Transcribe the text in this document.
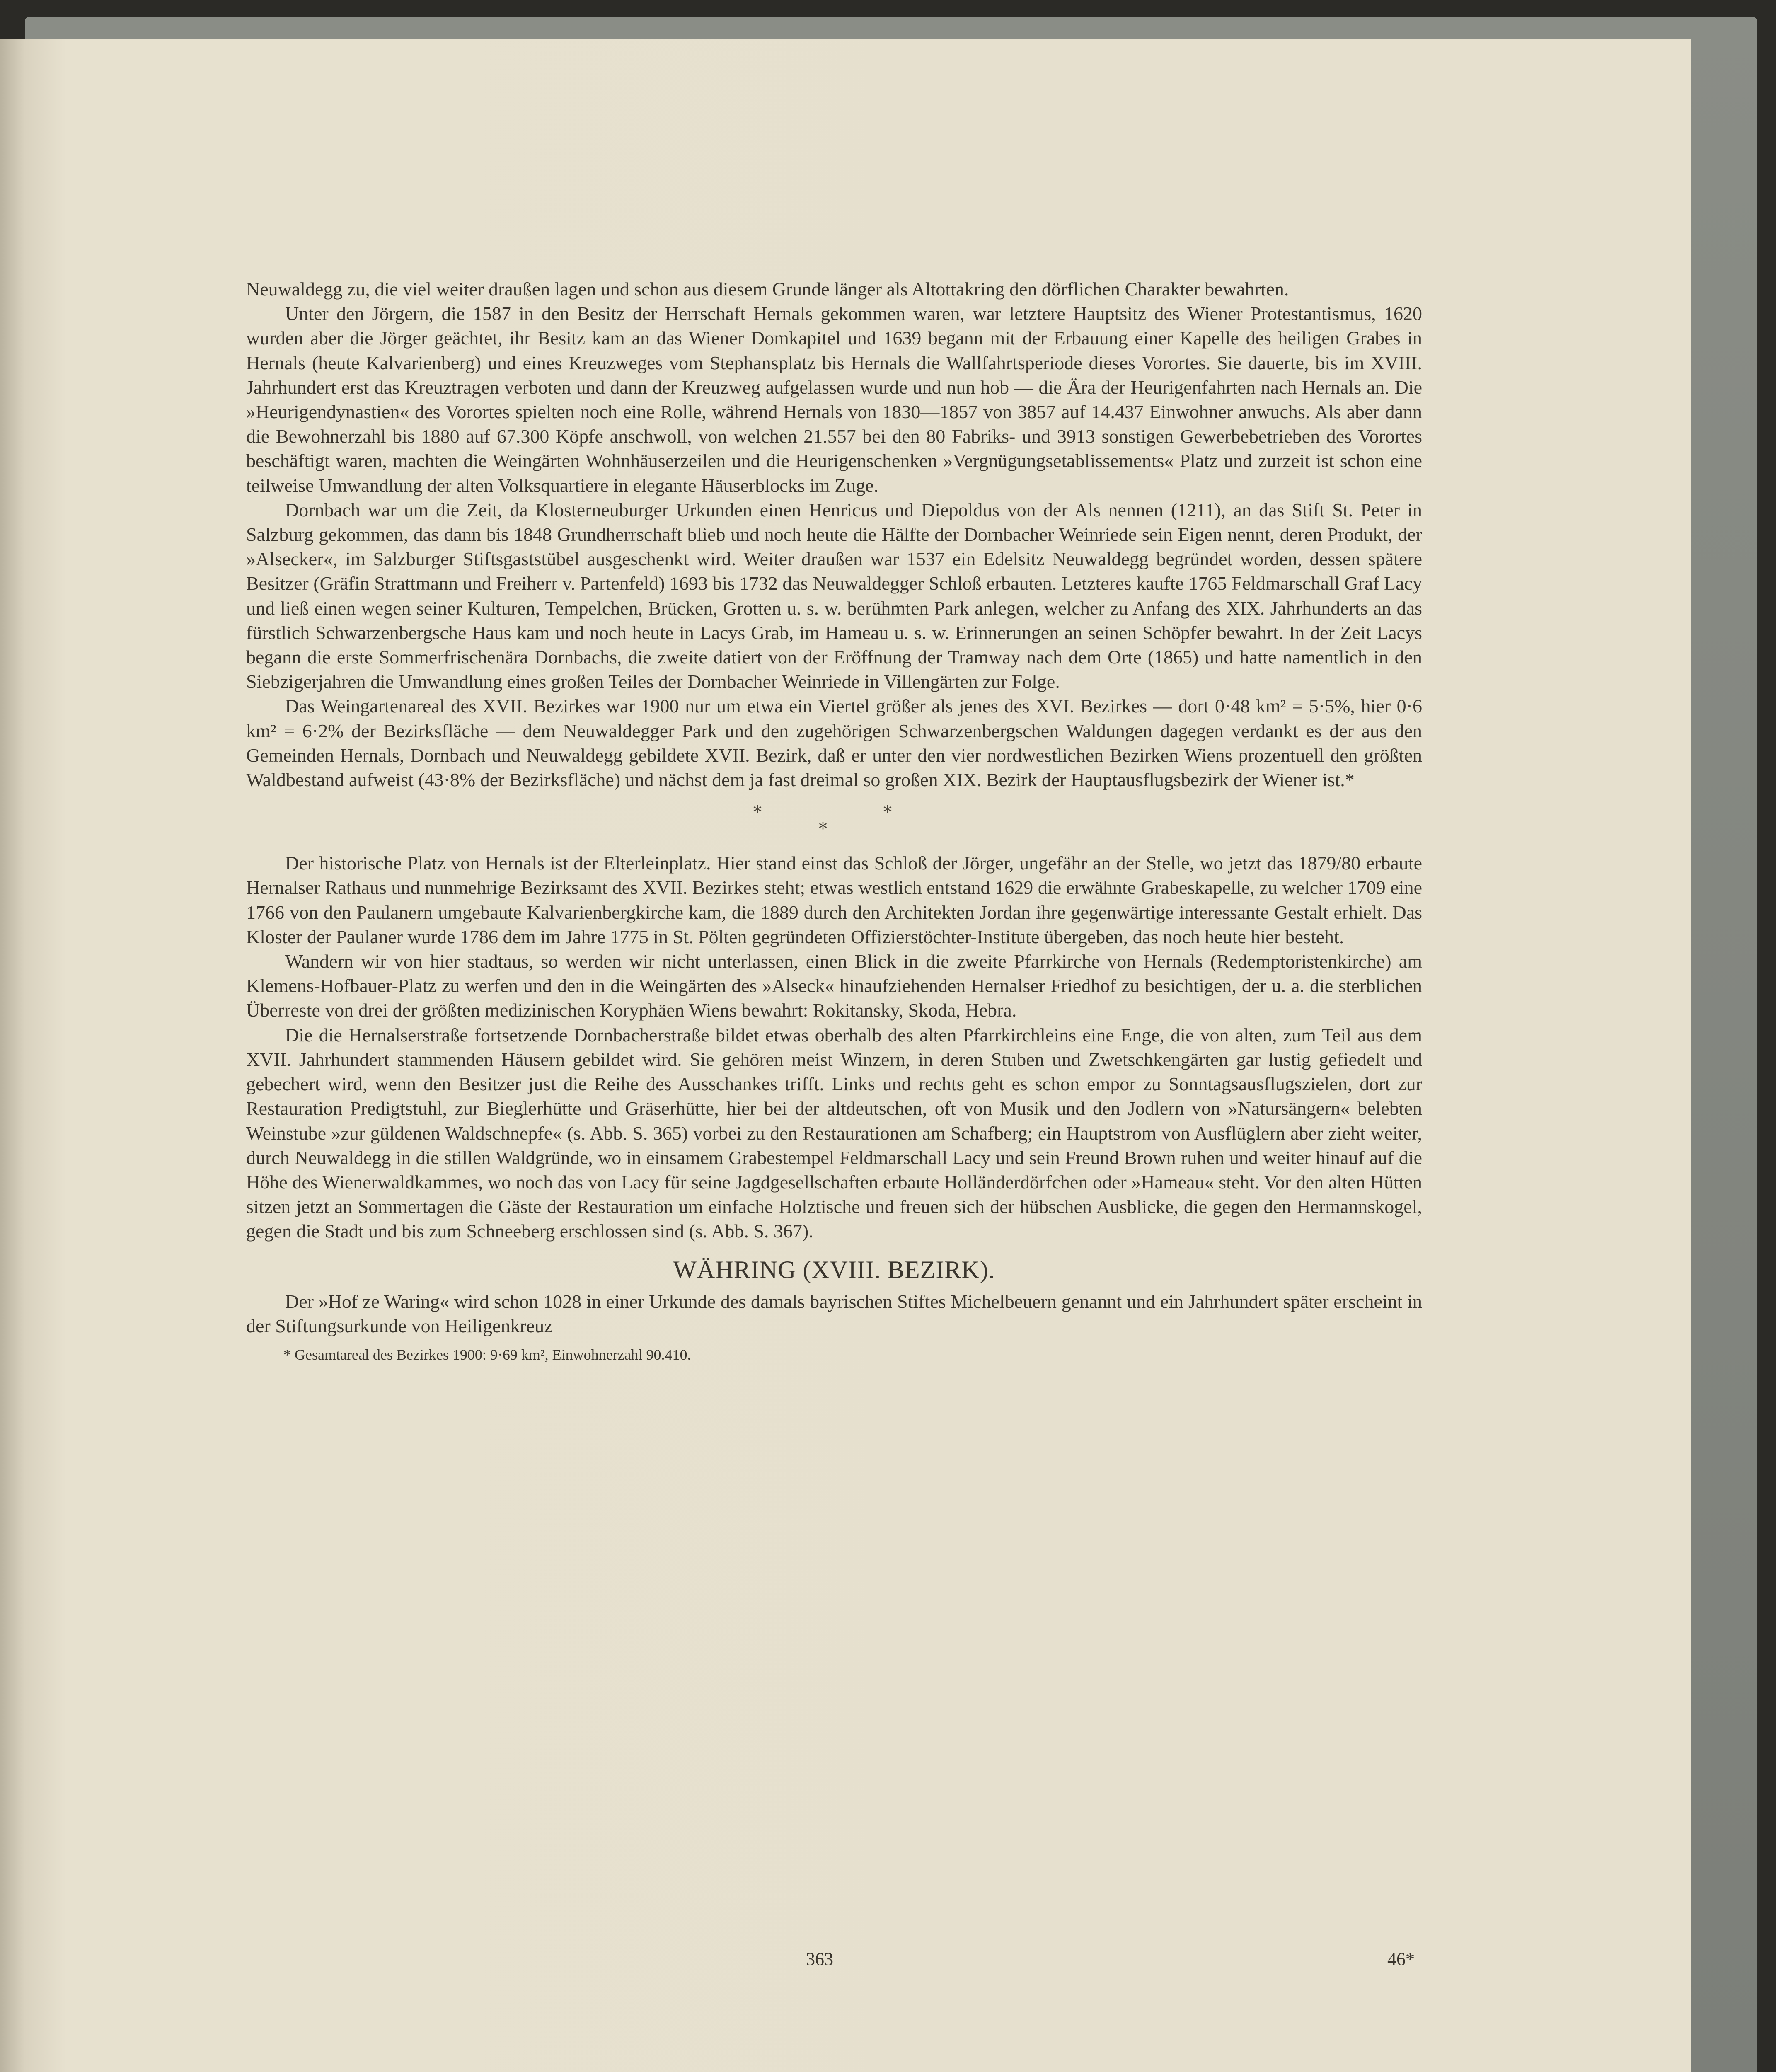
Neuwaldegg zu, die viel weiter draußen lagen und schon aus diesem Grunde länger als Altottakring den dörflichen Charakter bewahrten.

Unter den Jörgern, die 1587 in den Besitz der Herrschaft Hernals gekommen waren, war letztere Hauptsitz des Wiener Protestantismus, 1620 wurden aber die Jörger geächtet, ihr Besitz kam an das Wiener Domkapitel und 1639 begann mit der Erbauung einer Kapelle des heiligen Grabes in Hernals (heute Kalvarienberg) und eines Kreuzweges vom Stephansplatz bis Hernals die Wallfahrtsperiode dieses Vorortes. Sie dauerte, bis im XVIII. Jahrhundert erst das Kreuztragen verboten und dann der Kreuzweg aufgelassen wurde und nun hob — die Ära der Heurigenfahrten nach Hernals an. Die »Heurigendynastien« des Vorortes spielten noch eine Rolle, während Hernals von 1830—1857 von 3857 auf 14.437 Einwohner anwuchs. Als aber dann die Bewohnerzahl bis 1880 auf 67.300 Köpfe anschwoll, von welchen 21.557 bei den 80 Fabriks- und 3913 sonstigen Gewerbebetrieben des Vorortes beschäftigt waren, machten die Weingärten Wohnhäuserzeilen und die Heurigenschenken »Vergnügungsetablissements« Platz und zurzeit ist schon eine teilweise Umwandlung der alten Volksquartiere in elegante Häuserblocks im Zuge.

Dornbach war um die Zeit, da Klosterneuburger Urkunden einen Henricus und Diepoldus von der Als nennen (1211), an das Stift St. Peter in Salzburg gekommen, das dann bis 1848 Grundherrschaft blieb und noch heute die Hälfte der Dornbacher Weinriede sein Eigen nennt, deren Produkt, der »Alsecker«, im Salzburger Stiftsgaststübel ausgeschenkt wird. Weiter draußen war 1537 ein Edelsitz Neuwaldegg begründet worden, dessen spätere Besitzer (Gräfin Strattmann und Freiherr v. Partenfeld) 1693 bis 1732 das Neuwaldegger Schloß erbauten. Letzteres kaufte 1765 Feldmarschall Graf Lacy und ließ einen wegen seiner Kulturen, Tempelchen, Brücken, Grotten u. s. w. berühmten Park anlegen, welcher zu Anfang des XIX. Jahrhunderts an das fürstlich Schwarzenbergsche Haus kam und noch heute in Lacys Grab, im Hameau u. s. w. Erinnerungen an seinen Schöpfer bewahrt. In der Zeit Lacys begann die erste Sommerfrischenära Dornbachs, die zweite datiert von der Eröffnung der Tramway nach dem Orte (1865) und hatte namentlich in den Siebzigerjahren die Umwandlung eines großen Teiles der Dornbacher Weinriede in Villengärten zur Folge.

Das Weingartenareal des XVII. Bezirkes war 1900 nur um etwa ein Viertel größer als jenes des XVI. Bezirkes — dort 0·48 km² = 5·5%, hier 0·6 km² = 6·2% der Bezirksfläche — dem Neuwaldegger Park und den zugehörigen Schwarzenbergschen Waldungen dagegen verdankt es der aus den Gemeinden Hernals, Dornbach und Neuwaldegg gebildete XVII. Bezirk, daß er unter den vier nordwestlichen Bezirken Wiens prozentuell den größten Waldbestand aufweist (43·8% der Bezirksfläche) und nächst dem ja fast dreimal so großen XIX. Bezirk der Hauptausflugsbezirk der Wiener ist.*

*	*
*

Der historische Platz von Hernals ist der Elterleinplatz. Hier stand einst das Schloß der Jörger, ungefähr an der Stelle, wo jetzt das 1879/80 erbaute Hernalser Rathaus und nunmehrige Bezirksamt des XVII. Bezirkes steht; etwas westlich entstand 1629 die erwähnte Grabeskapelle, zu welcher 1709 eine 1766 von den Paulanern umgebaute Kalvarienbergkirche kam, die 1889 durch den Architekten Jordan ihre gegenwärtige interessante Gestalt erhielt. Das Kloster der Paulaner wurde 1786 dem im Jahre 1775 in St. Pölten gegründeten Offizierstöchter-Institute übergeben, das noch heute hier besteht.

Wandern wir von hier stadtaus, so werden wir nicht unterlassen, einen Blick in die zweite Pfarrkirche von Hernals (Redemptoristenkirche) am Klemens-Hofbauer-Platz zu werfen und den in die Weingärten des »Alseck« hinaufziehenden Hernalser Friedhof zu besichtigen, der u. a. die sterblichen Überreste von drei der größten medizinischen Koryphäen Wiens bewahrt: Rokitansky, Skoda, Hebra.

Die die Hernalserstraße fortsetzende Dornbacherstraße bildet etwas oberhalb des alten Pfarrkirchleins eine Enge, die von alten, zum Teil aus dem XVII. Jahrhundert stammenden Häusern gebildet wird. Sie gehören meist Winzern, in deren Stuben und Zwetschkengärten gar lustig gefiedelt und gebechert wird, wenn den Besitzer just die Reihe des Ausschankes trifft. Links und rechts geht es schon empor zu Sonntagsausflugszielen, dort zur Restauration Predigtstuhl, zur Bieglerhütte und Gräserhütte, hier bei der altdeutschen, oft von Musik und den Jodlern von »Natursängern« belebten Weinstube »zur güldenen Waldschnepfe« (s. Abb. S. 365) vorbei zu den Restaurationen am Schafberg; ein Hauptstrom von Ausflüglern aber zieht weiter, durch Neuwaldegg in die stillen Waldgründe, wo in einsamem Grabestempel Feldmarschall Lacy und sein Freund Brown ruhen und weiter hinauf auf die Höhe des Wienerwaldkammes, wo noch das von Lacy für seine Jagdgesellschaften erbaute Holländerdörfchen oder »Hameau« steht. Vor den alten Hütten sitzen jetzt an Sommertagen die Gäste der Restauration um einfache Holztische und freuen sich der hübschen Ausblicke, die gegen den Hermannskogel, gegen die Stadt und bis zum Schneeberg erschlossen sind (s. Abb. S. 367).

WÄHRING (XVIII. BEZIRK).

Der »Hof ze Waring« wird schon 1028 in einer Urkunde des damals bayrischen Stiftes Michelbeuern genannt und ein Jahrhundert später erscheint in der Stiftungsurkunde von Heiligenkreuz

* Gesamtareal des Bezirkes 1900: 9·69 km², Einwohnerzahl 90.410.
363	46*
